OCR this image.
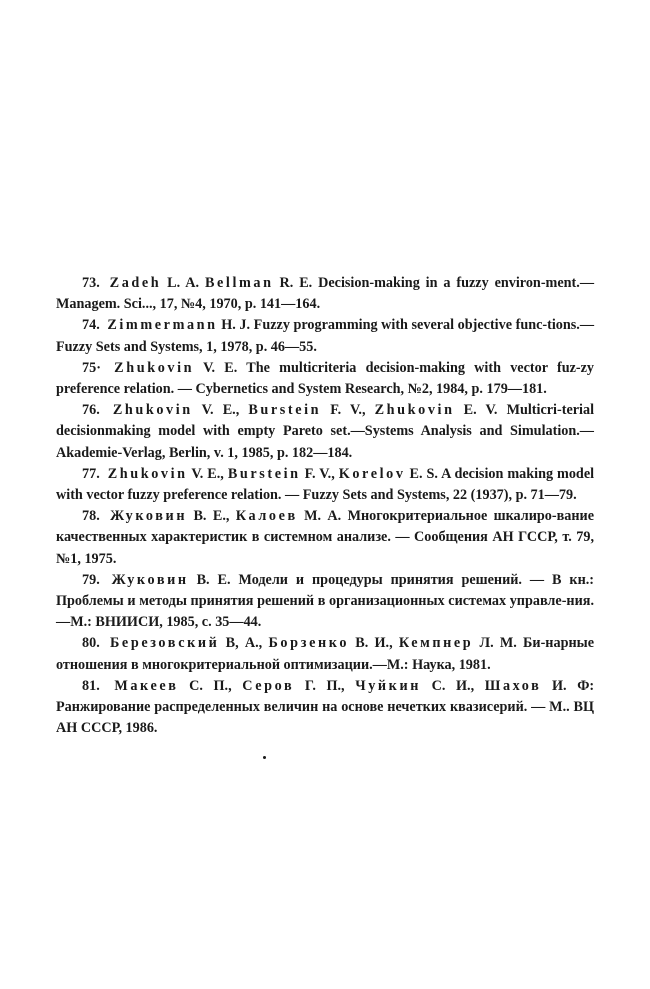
73. Zadeh L. A. Bellman R. E. Decision-making in a fuzzy environ-ment.—Managem. Sci..., 17, №4, 1970, p. 141—164.

74. Zimmermann H. J. Fuzzy programming with several objective func-tions.—Fuzzy Sets and Systems, 1, 1978, p. 46—55.

75· Zhukovin V. E. The multicriteria decision-making with vector fuz-zy preference relation. — Cybernetics and System Research, №2, 1984, p. 179—181.

76. Zhukovin V. E., Burstein F. V., Zhukovin E. V. Multicri-terial decisionmaking model with empty Pareto set.—Systems Analysis and Simulation.—Akademie-Verlag, Berlin, v. 1, 1985, p. 182—184.

77. Zhukovin V. E., Burstein F. V., Korelov E. S. A decision making model with vector fuzzy preference relation. — Fuzzy Sets and Systems, 22 (1937), p. 71—79.

78. Жуковин В. Е., Калоев М. А. Многокритериальное шкалиро-вание качественных характеристик в системном анализе. — Сообщения АН ГССР, т. 79, №1, 1975.

79. Жуковин В. Е. Модели и процедуры принятия решений. — В кн.: Проблемы и методы принятия решений в организационных системах управле-ния.—М.: ВНИИСИ, 1985, с. 35—44.

80. Березовский В, А., Борзенко В. И., Кемпнер Л. М. Би-нарные отношения в многокритериальной оптимизации.—М.: Наука, 1981.

81. Макеев С. П., Серов Г. П., Чуйкин С. И., Шахов И. Ф: Ранжирование распределенных величин на основе нечетких квазисерий. — М.. ВЦ АН СССР, 1986.
